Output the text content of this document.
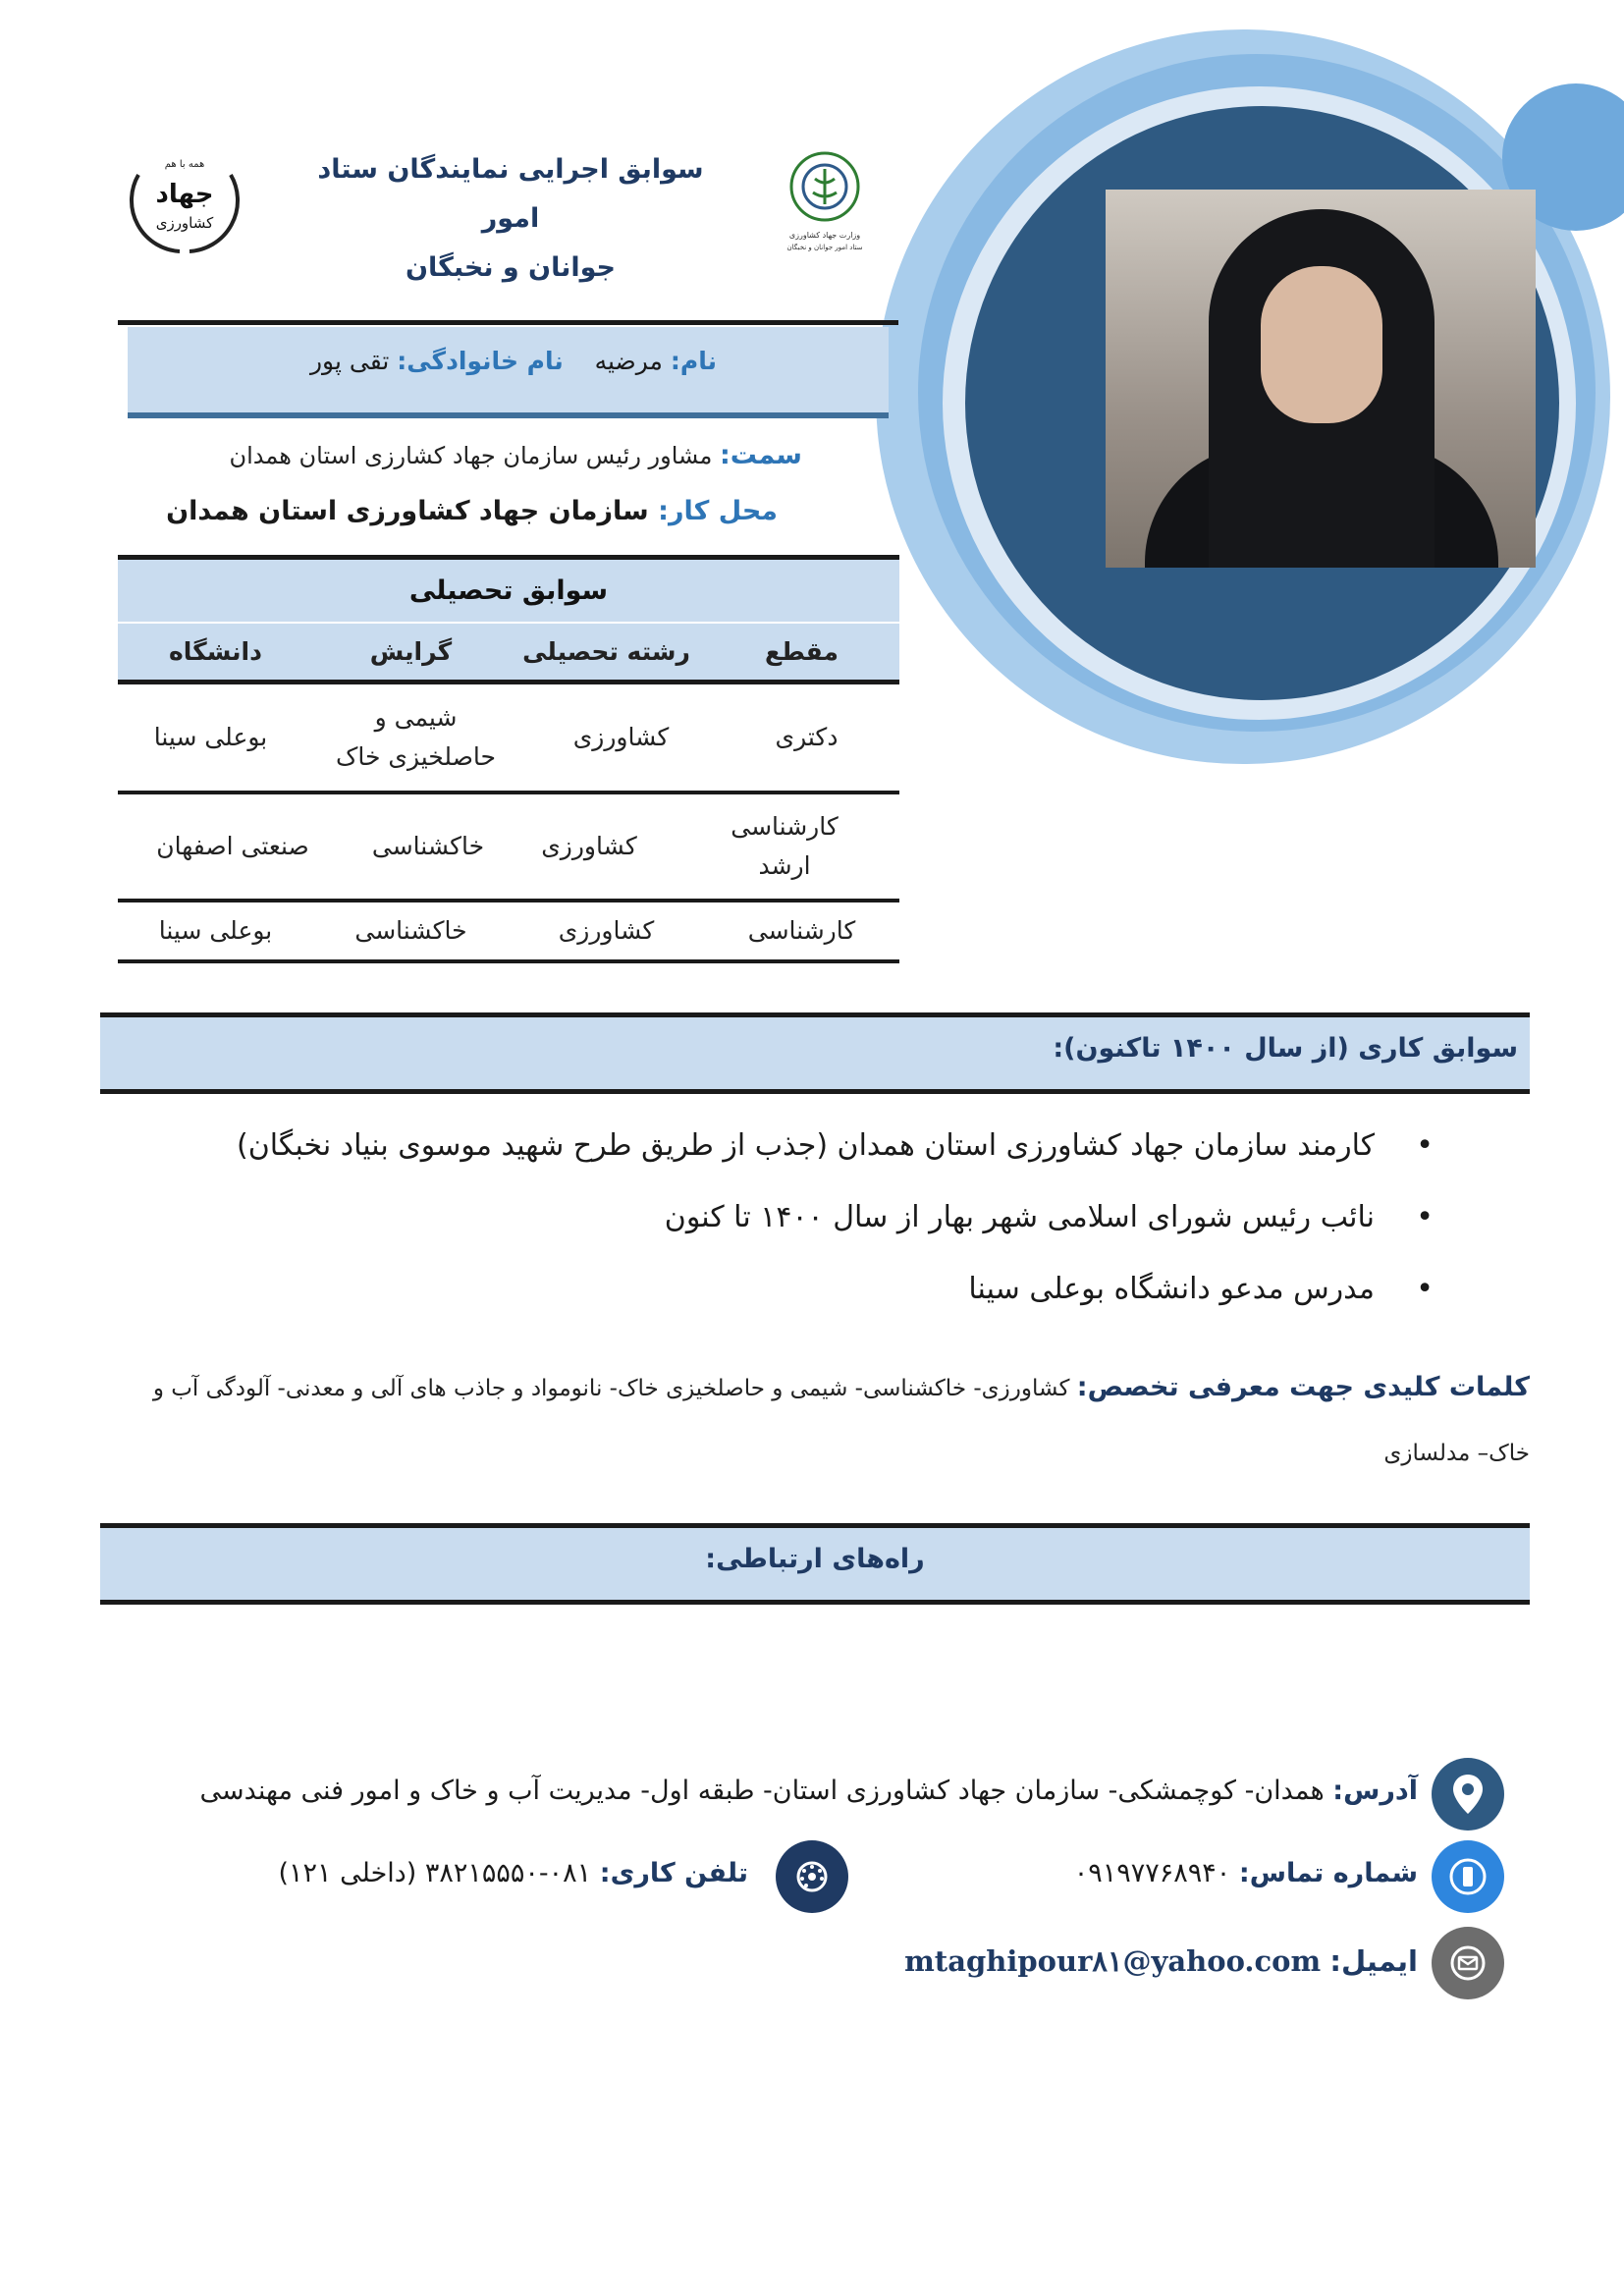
همه با هم
جهاد
کشاورزی
وزارت جهاد کشاورزی
ستاد امور جوانان و نخبگان
سوابق اجرایی نمایندگان ستاد امور
جوانان و نخبگان
نام: مرضیه    نام خانوادگی: تقی پور
سمت: مشاور رئیس سازمان جهاد کشارزی استان همدان
محل کار: سازمان جهاد کشاورزی استان همدان
سوابق تحصیلی
مقطع
رشته تحصیلی
گرایش
دانشگاه
دکتری
کشاورزی
شیمی و حاصلخیزی خاک
بوعلی سینا
کارشناسی ارشد
کشاورزی
خاکشناسی
صنعتی اصفهان
کارشناسی
کشاورزی
خاکشناسی
بوعلی سینا
سوابق کاری (از سال ۱۴۰۰ تاکنون):
• کارمند سازمان جهاد کشاورزی استان همدان (جذب از طریق طرح شهید موسوی بنیاد نخبگان)
• نائب رئیس شورای اسلامی شهر بهار از سال ۱۴۰۰ تا کنون
• مدرس مدعو دانشگاه بوعلی سینا
کلمات کلیدی جهت معرفی تخصص: کشاورزی- خاکشناسی- شیمی و حاصلخیزی خاک- نانومواد و جاذب های آلی و معدنی- آلودگی آب و خاک– مدلسازی
راه‌های ارتباطی:
آدرس: همدان- کوچمشکی- سازمان جهاد کشاورزی استان- طبقه اول- مدیریت آب و خاک و امور فنی مهندسی
شماره تماس: ۰۹۱۹۷۷۶۸۹۴۰
تلفن کاری: ۰۸۱-۳۸۲۱۵۵۵۰ (داخلی ۱۲۱)
ایمیل: mtaghipour۸۱@yahoo.com
